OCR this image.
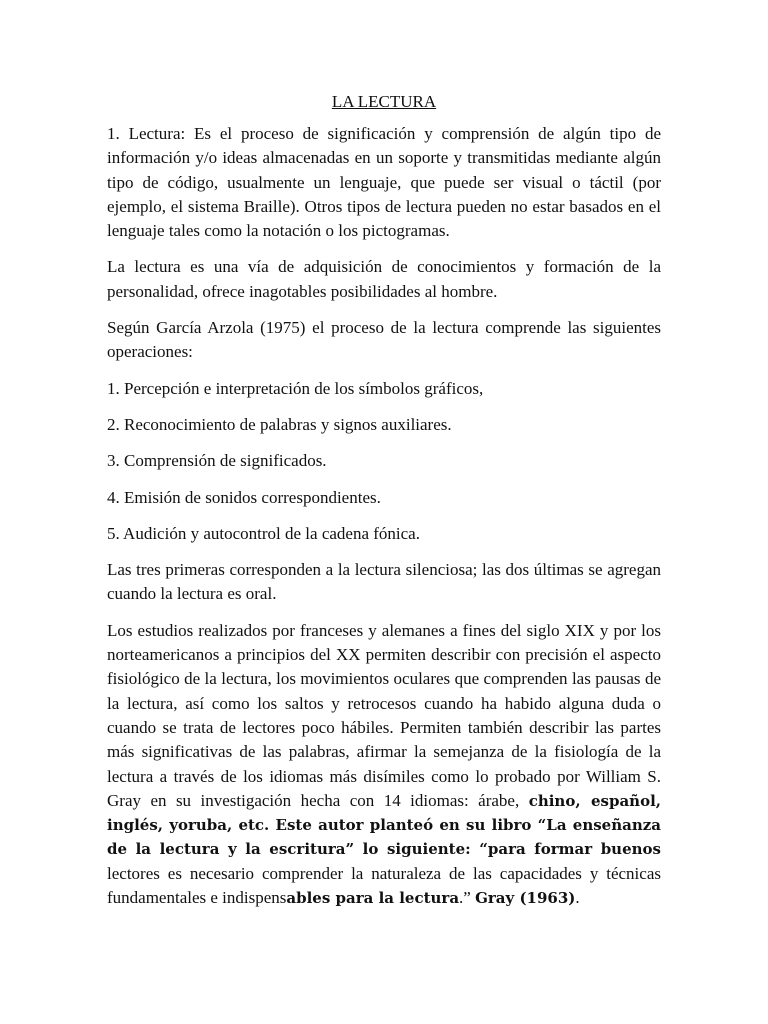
LA LECTURA

1. Lectura: Es el proceso de significación y comprensión de algún tipo de información y/o ideas almacenadas en un soporte y transmitidas mediante algún tipo de código, usualmente un lenguaje, que puede ser visual o táctil (por ejemplo, el sistema Braille). Otros tipos de lectura pueden no estar basados en el lenguaje tales como la notación o los pictogramas.

La lectura es una vía de adquisición de conocimientos y formación de la personalidad, ofrece inagotables posibilidades al hombre.

Según García Arzola (1975) el proceso de la lectura comprende las siguientes operaciones:

1. Percepción e interpretación de los símbolos gráficos,

2. Reconocimiento de palabras y signos auxiliares.

3. Comprensión de significados.

4. Emisión de sonidos correspondientes.

5. Audición y autocontrol de la cadena fónica.

Las tres primeras corresponden a la lectura silenciosa; las dos últimas se agregan cuando la lectura es oral.

Los estudios realizados por franceses y alemanes a fines del siglo XIX y por los norteamericanos a principios del XX permiten describir con precisión el aspecto fisiológico de la lectura, los movimientos oculares que comprenden las pausas de la lectura, así como los saltos y retrocesos cuando ha habido alguna duda o cuando se trata de lectores poco hábiles. Permiten también describir las partes más significativas de las palabras, afirmar la semejanza de la fisiología de la lectura a través de los idiomas más disímiles como lo probado por William S. Gray en su investigación hecha con 14 idiomas: árabe, chino, español, inglés, yoruba, etc. Este autor planteó en su libro “La enseñanza de la lectura y la escritura” lo siguiente: “para formar buenos lectores es necesario comprender la naturaleza de las capacidades y técnicas fundamentales e indispensables para la lectura.” Gray (1963).
